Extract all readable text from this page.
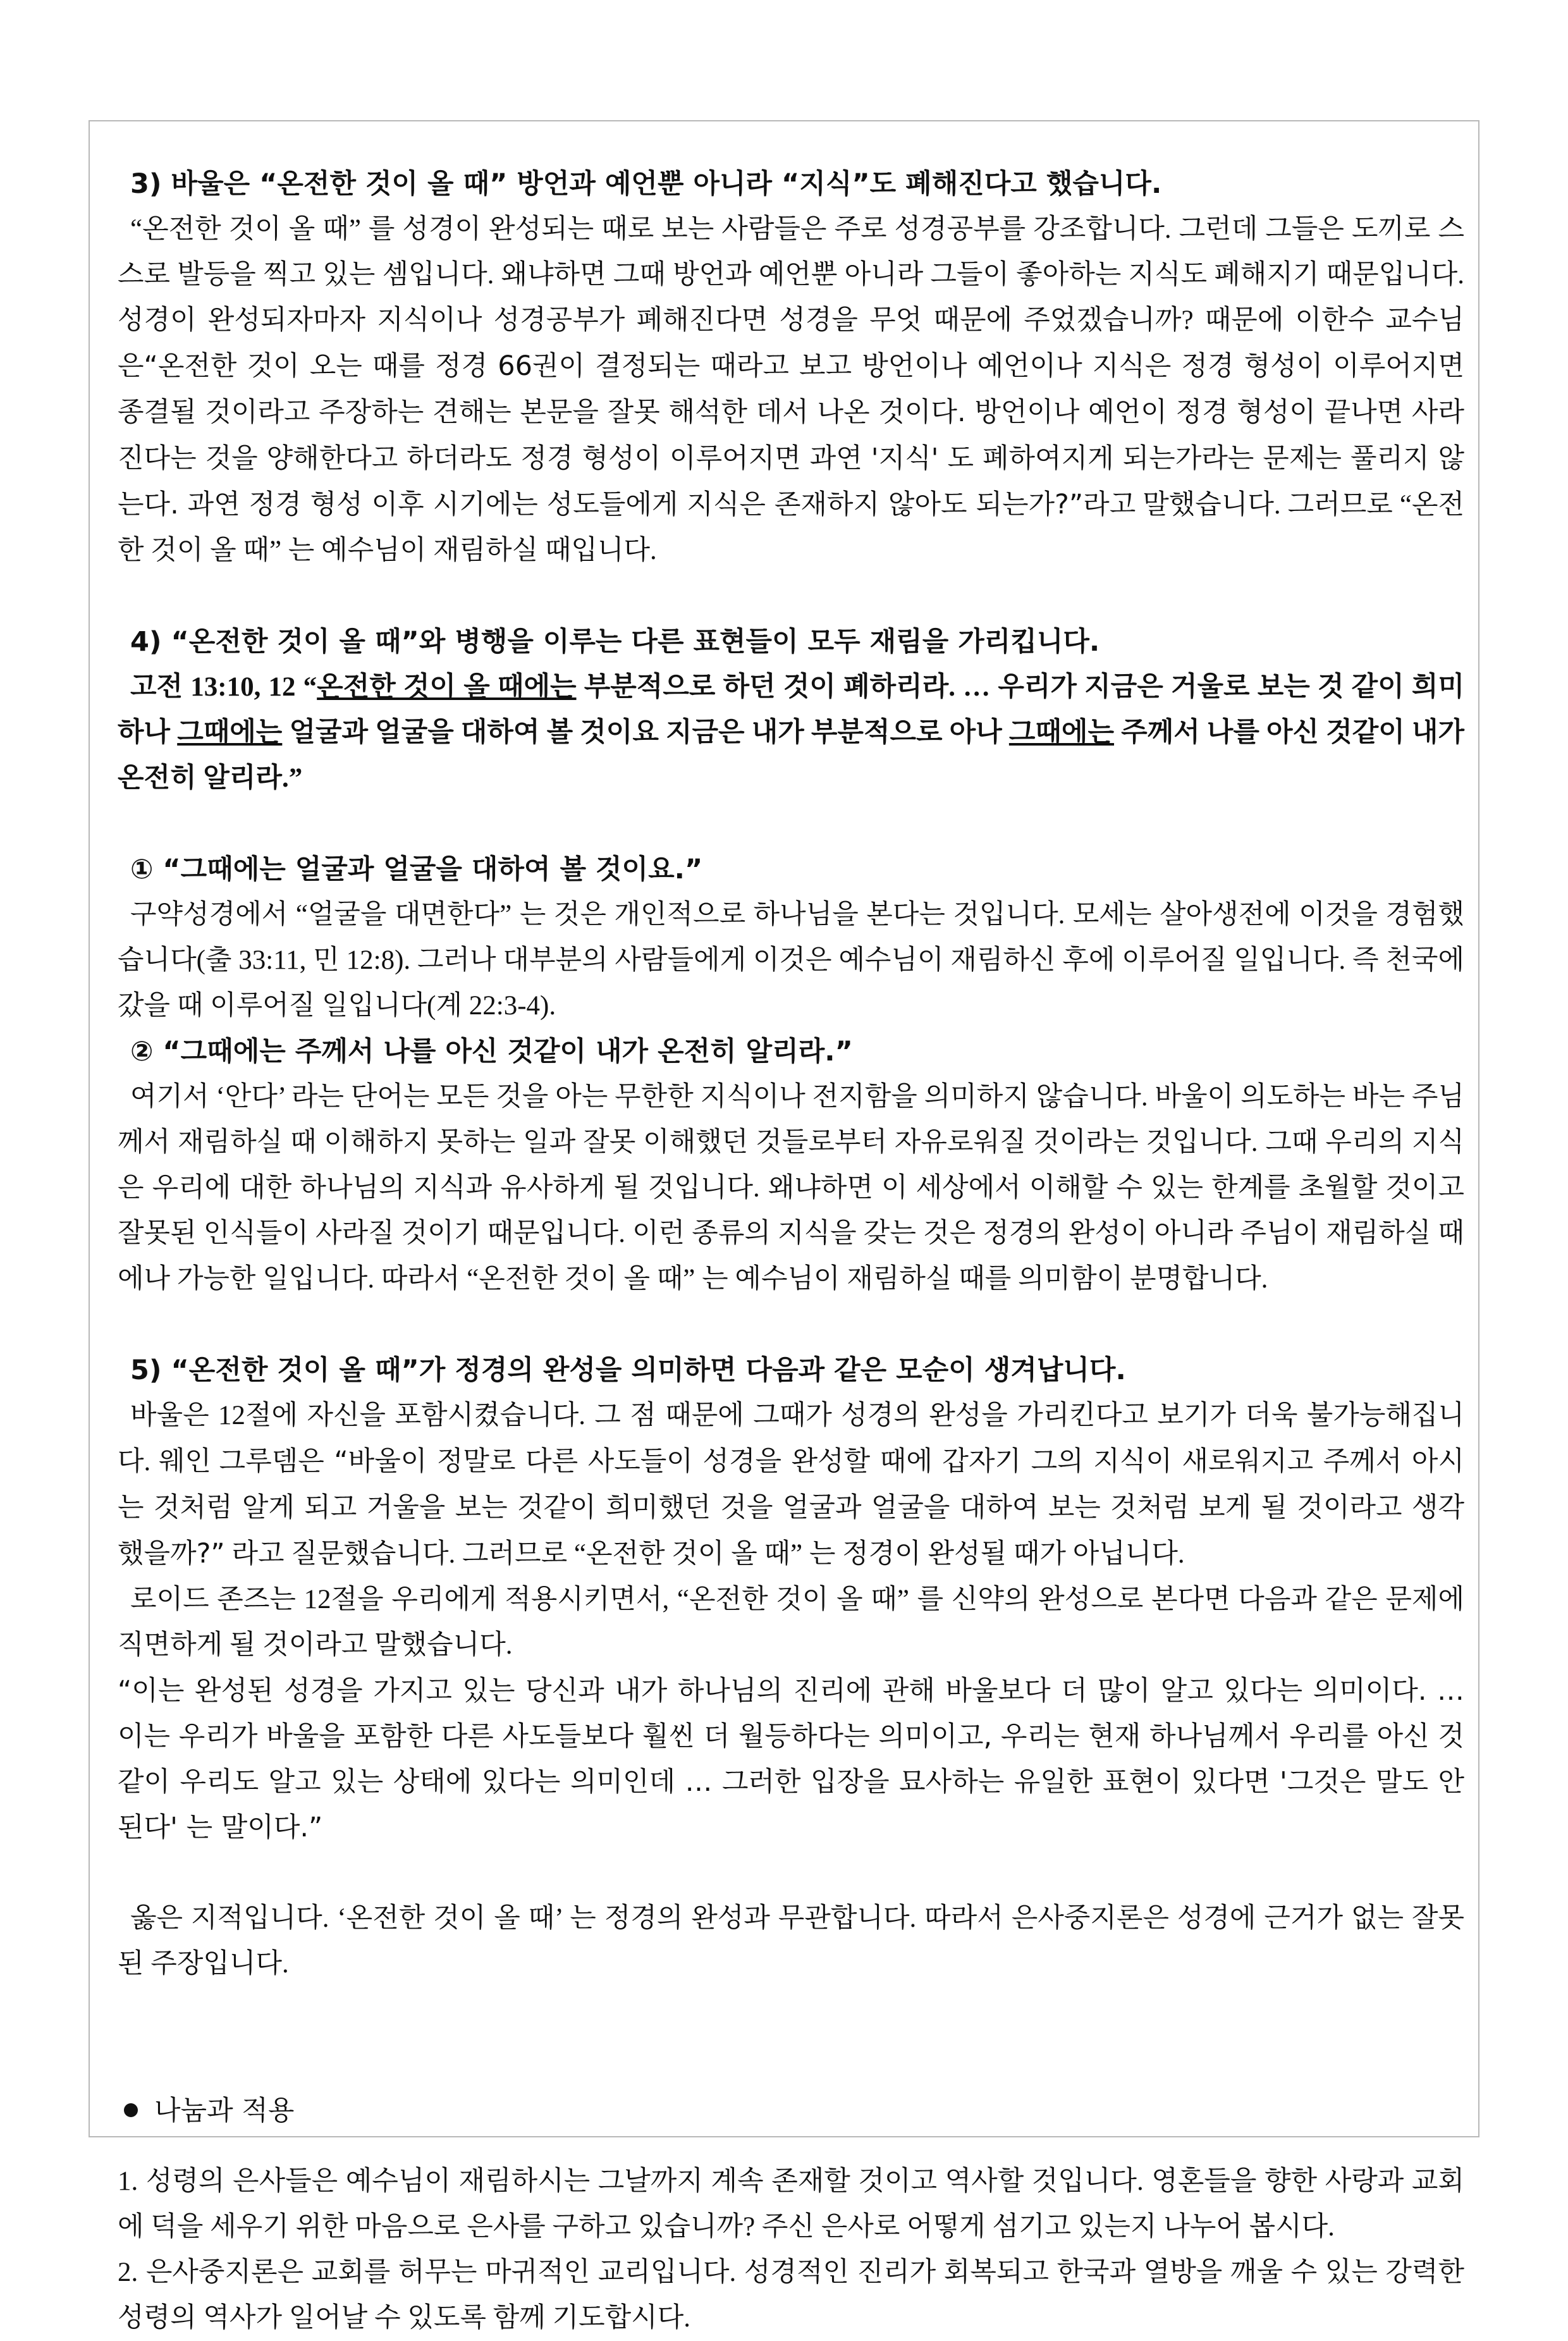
3) 바울은 “온전한 것이 올 때” 방언과 예언뿐 아니라 “지식”도 폐해진다고 했습니다.

“온전한 것이 올 때” 를 성경이 완성되는 때로 보는 사람들은 주로 성경공부를 강조합니다. 그런데 그들은 도끼로 스스로 발등을 찍고 있는 셈입니다. 왜냐하면 그때 방언과 예언뿐 아니라 그들이 좋아하는 지식도 폐해지기 때문입니다. 성경이 완성되자마자 지식이나 성경공부가 폐해진다면 성경을 무엇 때문에 주었겠습니까? 때문에 이한수 교수님은“온전한 것이 오는 때를 정경 66권이 결정되는 때라고 보고 방언이나 예언이나 지식은 정경 형성이 이루어지면 종결될 것이라고 주장하는 견해는 본문을 잘못 해석한 데서 나온 것이다. 방언이나 예언이 정경 형성이 끝나면 사라진다는 것을 양해한다고 하더라도 정경 형성이 이루어지면 과연 '지식' 도 폐하여지게 되는가라는 문제는 풀리지 않는다. 과연 정경 형성 이후 시기에는 성도들에게 지식은 존재하지 않아도 되는가?”라고 말했습니다. 그러므로 “온전한 것이 올 때” 는 예수님이 재림하실 때입니다.

4) “온전한 것이 올 때”와 병행을 이루는 다른 표현들이 모두 재림을 가리킵니다.

고전 13:10, 12 “온전한 것이 올 때에는 부분적으로 하던 것이 폐하리라. … 우리가 지금은 거울로 보는 것 같이 희미하나 그때에는 얼굴과 얼굴을 대하여 볼 것이요 지금은 내가 부분적으로 아나 그때에는 주께서 나를 아신 것같이 내가 온전히 알리라.”

① “그때에는 얼굴과 얼굴을 대하여 볼 것이요.”

구약성경에서 “얼굴을 대면한다” 는 것은 개인적으로 하나님을 본다는 것입니다. 모세는 살아생전에 이것을 경험했습니다(출 33:11, 민 12:8). 그러나 대부분의 사람들에게 이것은 예수님이 재림하신 후에 이루어질 일입니다. 즉 천국에 갔을 때 이루어질 일입니다(계 22:3-4).

② “그때에는 주께서 나를 아신 것같이 내가 온전히 알리라.”

여기서 ‘안다’ 라는 단어는 모든 것을 아는 무한한 지식이나 전지함을 의미하지 않습니다. 바울이 의도하는 바는 주님께서 재림하실 때 이해하지 못하는 일과 잘못 이해했던 것들로부터 자유로워질 것이라는 것입니다. 그때 우리의 지식은 우리에 대한 하나님의 지식과 유사하게 될 것입니다. 왜냐하면 이 세상에서 이해할 수 있는 한계를 초월할 것이고 잘못된 인식들이 사라질 것이기 때문입니다. 이런 종류의 지식을 갖는 것은 정경의 완성이 아니라 주님이 재림하실 때에나 가능한 일입니다. 따라서 “온전한 것이 올 때” 는 예수님이 재림하실 때를 의미함이 분명합니다.

5) “온전한 것이 올 때”가 정경의 완성을 의미하면 다음과 같은 모순이 생겨납니다.

바울은 12절에 자신을 포함시켰습니다. 그 점 때문에 그때가 성경의 완성을 가리킨다고 보기가 더욱 불가능해집니다. 웨인 그루뎀은 “바울이 정말로 다른 사도들이 성경을 완성할 때에 갑자기 그의 지식이 새로워지고 주께서 아시는 것처럼 알게 되고 거울을 보는 것같이 희미했던 것을 얼굴과 얼굴을 대하여 보는 것처럼 보게 될 것이라고 생각했을까?” 라고 질문했습니다. 그러므로 “온전한 것이 올 때” 는 정경이 완성될 때가 아닙니다.

로이드 존즈는 12절을 우리에게 적용시키면서, “온전한 것이 올 때” 를 신약의 완성으로 본다면 다음과 같은 문제에 직면하게 될 것이라고 말했습니다.

“이는 완성된 성경을 가지고 있는 당신과 내가 하나님의 진리에 관해 바울보다 더 많이 알고 있다는 의미이다. … 이는 우리가 바울을 포함한 다른 사도들보다 훨씬 더 월등하다는 의미이고, 우리는 현재 하나님께서 우리를 아신 것같이 우리도 알고 있는 상태에 있다는 의미인데 … 그러한 입장을 묘사하는 유일한 표현이 있다면 '그것은 말도 안 된다' 는 말이다.”

옳은 지적입니다. ‘온전한 것이 올 때’ 는 정경의 완성과 무관합니다. 따라서 은사중지론은 성경에 근거가 없는 잘못된 주장입니다.

나눔과 적용

1. 성령의 은사들은 예수님이 재림하시는 그날까지 계속 존재할 것이고 역사할 것입니다. 영혼들을 향한 사랑과 교회에 덕을 세우기 위한 마음으로 은사를 구하고 있습니까? 주신 은사로 어떻게 섬기고 있는지 나누어 봅시다.

2. 은사중지론은 교회를 허무는 마귀적인 교리입니다. 성경적인 진리가 회복되고 한국과 열방을 깨울 수 있는 강력한 성령의 역사가 일어날 수 있도록 함께 기도합시다.
